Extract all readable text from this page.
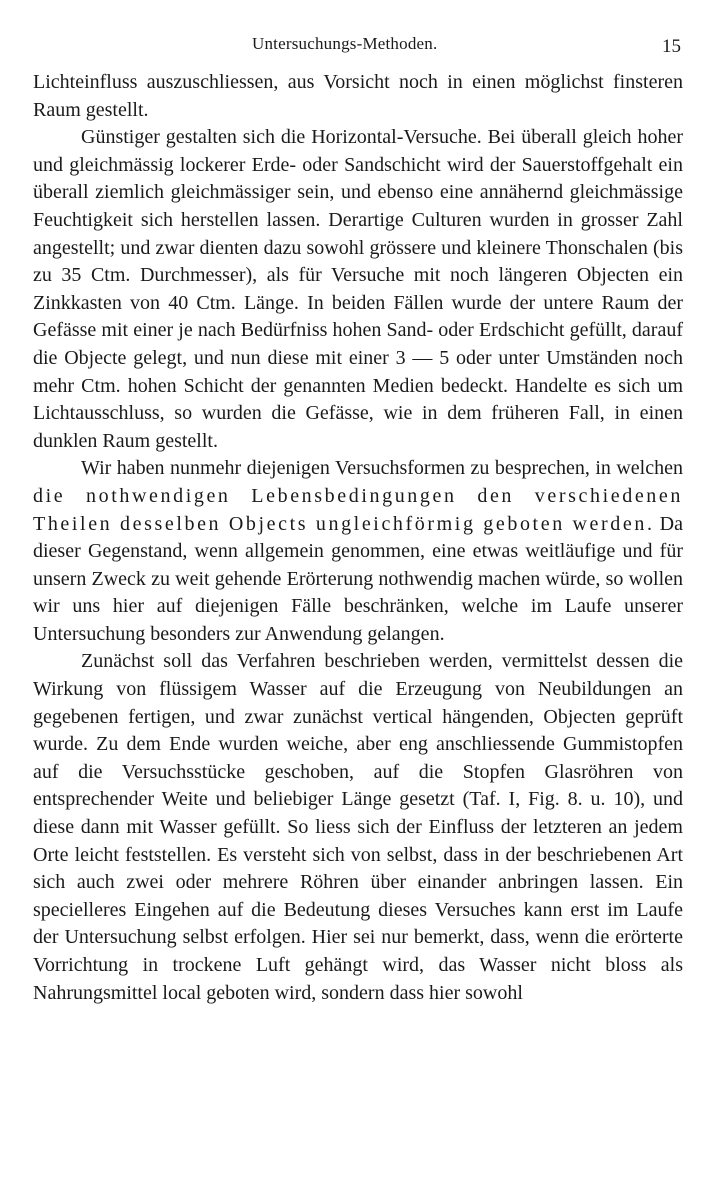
Untersuchungs-Methoden.	15

Lichteinfluss auszuschliessen, aus Vorsicht noch in einen möglichst finsteren Raum gestellt.

Günstiger gestalten sich die Horizontal-Versuche. Bei überall gleich hoher und gleichmässig lockerer Erde- oder Sandschicht wird der Sauerstoffgehalt ein überall ziemlich gleichmässiger sein, und ebenso eine annähernd gleichmässige Feuchtigkeit sich herstellen lassen. Derartige Culturen wurden in grosser Zahl angestellt; und zwar dienten dazu sowohl grössere und kleinere Thonschalen (bis zu 35 Ctm. Durchmesser), als für Versuche mit noch längeren Objecten ein Zinkkasten von 40 Ctm. Länge. In beiden Fällen wurde der untere Raum der Gefässe mit einer je nach Bedürfniss hohen Sand- oder Erdschicht gefüllt, darauf die Objecte gelegt, und nun diese mit einer 3 — 5 oder unter Umständen noch mehr Ctm. hohen Schicht der genannten Medien bedeckt. Handelte es sich um Lichtausschluss, so wurden die Gefässe, wie in dem früheren Fall, in einen dunklen Raum gestellt.

Wir haben nunmehr diejenigen Versuchsformen zu besprechen, in welchen die nothwendigen Lebensbedingungen den verschiedenen Theilen desselben Objects ungleichförmig geboten werden. Da dieser Gegenstand, wenn allgemein genommen, eine etwas weitläufige und für unsern Zweck zu weit gehende Erörterung nothwendig machen würde, so wollen wir uns hier auf diejenigen Fälle beschränken, welche im Laufe unserer Untersuchung besonders zur Anwendung gelangen.

Zunächst soll das Verfahren beschrieben werden, vermittelst dessen die Wirkung von flüssigem Wasser auf die Erzeugung von Neubildungen an gegebenen fertigen, und zwar zunächst vertical hängenden, Objecten geprüft wurde. Zu dem Ende wurden weiche, aber eng anschliessende Gummistopfen auf die Versuchsstücke geschoben, auf die Stopfen Glasröhren von entsprechender Weite und beliebiger Länge gesetzt (Taf. I, Fig. 8. u. 10), und diese dann mit Wasser gefüllt. So liess sich der Einfluss der letzteren an jedem Orte leicht feststellen. Es versteht sich von selbst, dass in der beschriebenen Art sich auch zwei oder mehrere Röhren über einander anbringen lassen. Ein specielleres Eingehen auf die Bedeutung dieses Versuches kann erst im Laufe der Untersuchung selbst erfolgen. Hier sei nur bemerkt, dass, wenn die erörterte Vorrichtung in trockene Luft gehängt wird, das Wasser nicht bloss als Nahrungsmittel local geboten wird, sondern dass hier sowohl
